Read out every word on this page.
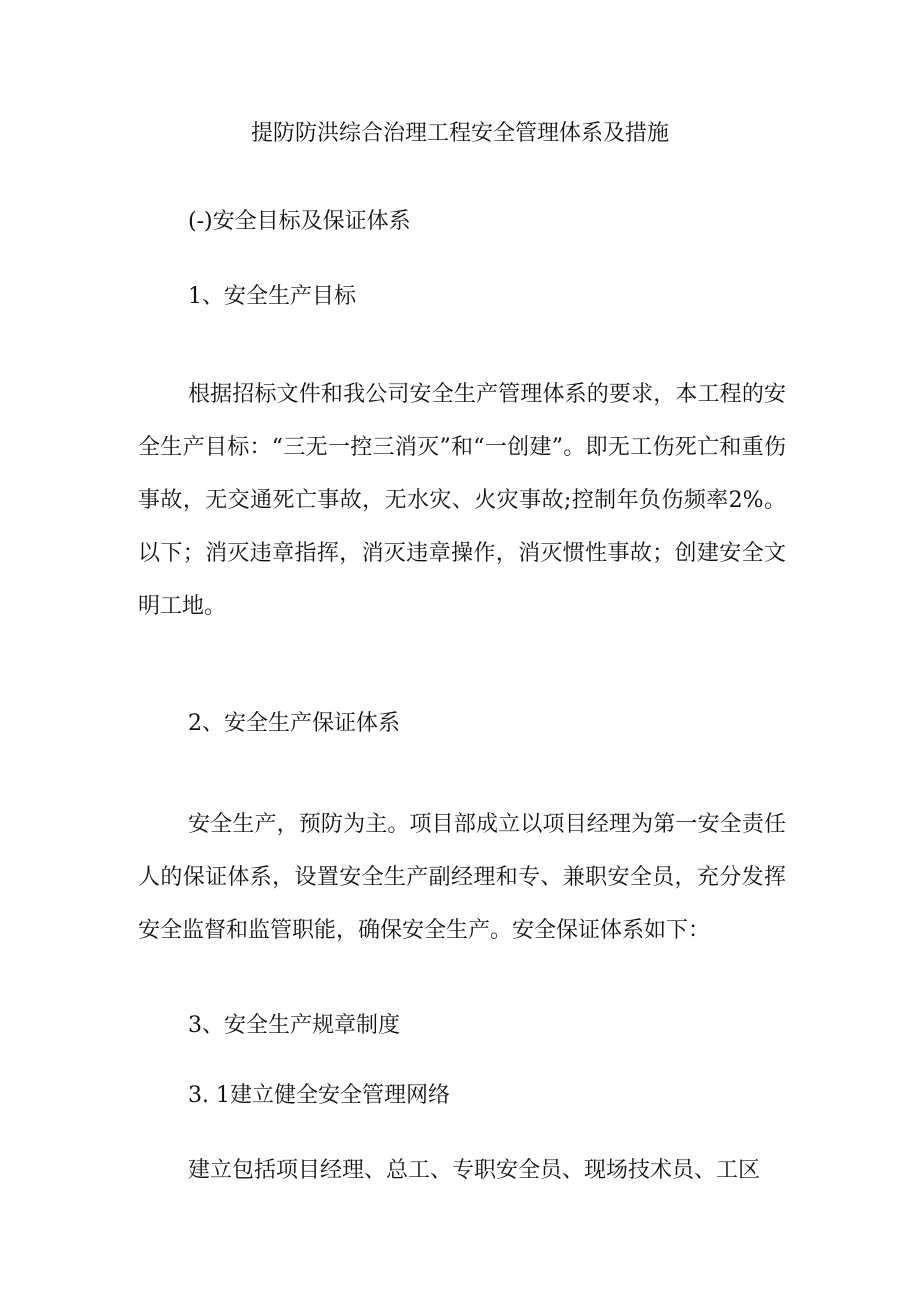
提防防洪综合治理工程安全管理体系及措施
(-)安全目标及保证体系
1、安全生产目标

根据招标文件和我公司安全生产管理体系的要求，本工程的安全生产目标：“三无一控三消灭”和“一创建”。即无工伤死亡和重伤事故，无交通死亡事故，无水灾、火灾事故;控制年负伤频率2%。以下；消灭违章指挥，消灭违章操作，消灭惯性事故；创建安全文明工地。

2、安全生产保证体系

安全生产，预防为主。项目部成立以项目经理为第一安全责任人的保证体系，设置安全生产副经理和专、兼职安全员，充分发挥安全监督和监管职能，确保安全生产。安全保证体系如下：

3、安全生产规章制度
3. 1建立健全安全管理网络
建立包括项目经理、总工、专职安全员、现场技术员、工区
